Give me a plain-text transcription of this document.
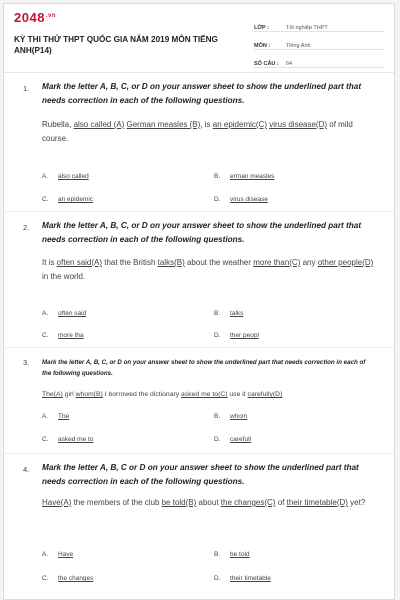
$2048^{.vn}$
KỲ THI THỬ THPT QUỐC GIA NĂM 2019 MÔN TIẾNG ANH(P14)
LỚP :	Tốt nghiệp THPT
MÔN :	Tiếng Anh
SỐ CÂU :	64
1. Mark the letter A, B, C, or D on your answer sheet to show the underlined part that needs correction in each of the following questions.
Rubella, also called (A) German measles (B), is an epidemic(C) virus disease(D) of mild course.
A. also called	B. erman measles
C. an epidemic	D. virus disease
2. Mark the letter A, B, C, or D on your answer sheet to show the underlined part that needs correction in each of the following questions.
It is often said(A) that the British talks(B) about the weather more than(C) any other people(D) in the world.
A. often said	B. talks
C. more tha	D. ther peopl
3. Mark the letter A, B, C, or D on your answer sheet to show the underlined part that needs correction in each of the following questions.
The(A) girl whom(B) I borrowed the dictionary asked me to(C) use it carefully(D)
A. The	B. whom
C. asked me to	D. carefull
4. Mark the letter A, B, C or D on your answer sheet to show the underlined part that needs correction in each of the following questions.
Have(A) the members of the club be told(B) about the changes(C) of their timetable(D) yet?
A. Have	B. be told
C. the changes	D. their timetable
